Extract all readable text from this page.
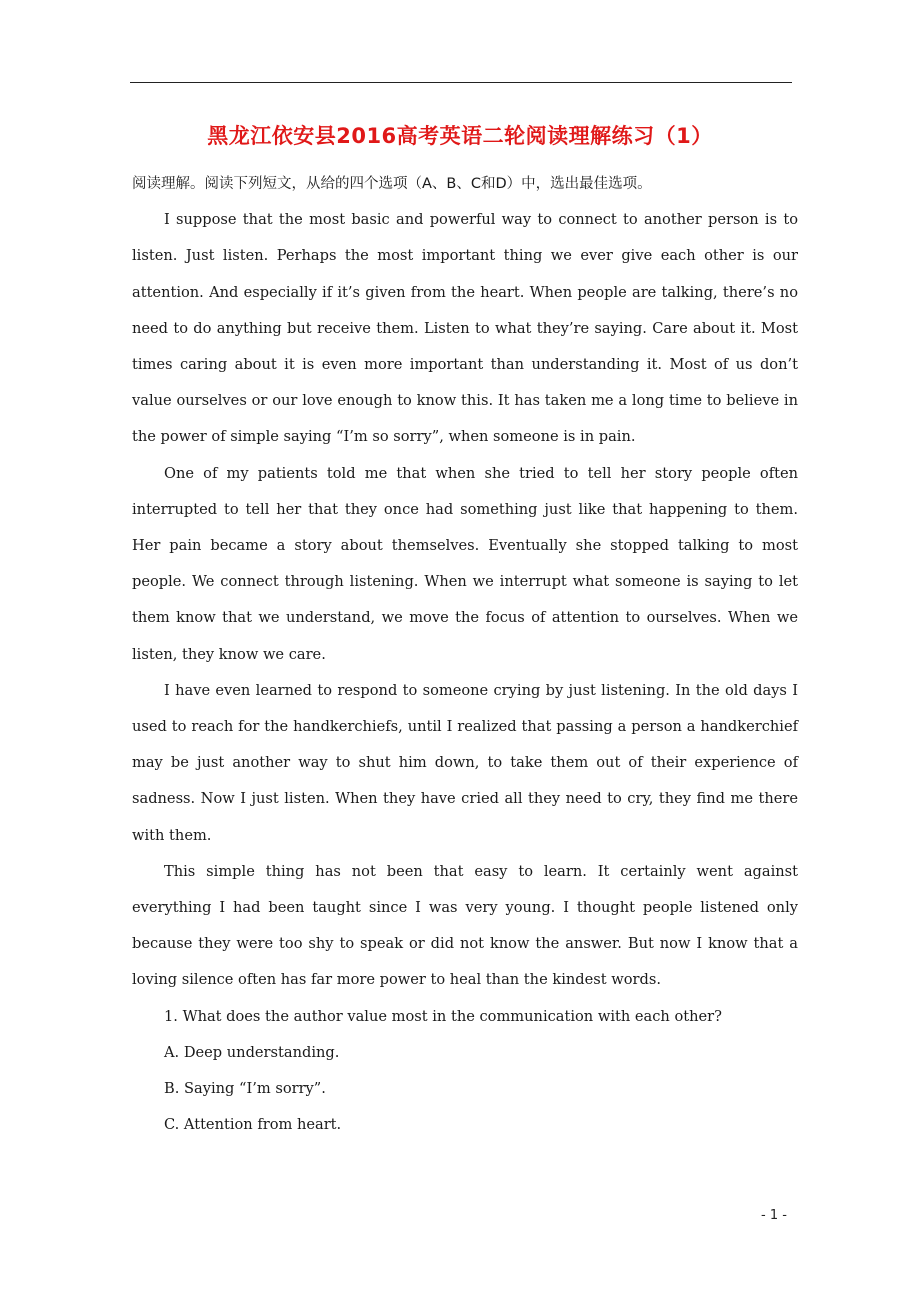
黑龙江依安县2016高考英语二轮阅读理解练习（1）

阅读理解。阅读下列短文，从给的四个选项（A、B、C和D）中，选出最佳选项。

I suppose that the most basic and powerful way to connect to another person is to listen. Just listen. Perhaps the most important thing we ever give each other is our attention. And especially if it’s given from the heart. When people are talking, there’s no need to do anything but receive them. Listen to what they’re saying. Care about it. Most times caring about it is even more important than understanding it. Most of us don’t value ourselves or our love enough to know this. It has taken me a long time to believe in the power of simple saying “I’m so sorry”, when someone is in pain.

One of my patients told me that when she tried to tell her story people often interrupted to tell her that they once had something just like that happening to them. Her pain became a story about themselves. Eventually she stopped talking to most people. We connect through listening. When we interrupt what someone is saying to let them know that we understand, we move the focus of attention to ourselves. When we listen, they know we care.

I have even learned to respond to someone crying by just listening. In the old days I used to reach for the handkerchiefs, until I realized that passing a person a handkerchief may be just another way to shut him down, to take them out of their experience of sadness. Now I just listen. When they have cried all they need to cry, they find me there with them.

This simple thing has not been that easy to learn. It certainly went against everything I had been taught since I was very young. I thought people listened only because they were too shy to speak or did not know the answer. But now I know that a loving silence often has far more power to heal than the kindest words.

1. What does the author value most in the communication with each other?

A. Deep understanding.

B. Saying “I’m sorry”.

C. Attention from heart.

- 1 -
